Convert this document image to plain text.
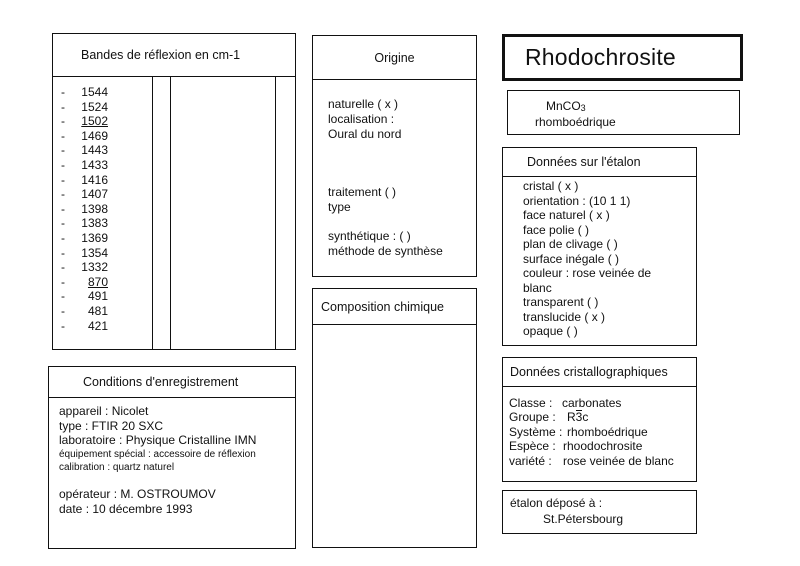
Bandes de réflexion en cm-1
-	1544
-	1524
-	1502
-	1469
-	1443
-	1433
-	1416
-	1407
-	1398
-	1383
-	1369
-	1354
-	1332
-	870
-	491
-	481
-	421
Origine
naturelle ( x )
localisation :
Oural du nord
traitement ( )
type
synthétique : ( )
méthode de synthèse
Composition chimique
Conditions d'enregistrement
appareil : Nicolet
type : FTIR 20 SXC
laboratoire : Physique Cristalline IMN
équipement spécial : accessoire de réflexion
calibration : quartz naturel
opérateur : M. OSTROUMOV
date : 10 décembre 1993
Rhodochrosite
MnCO$_3$
rhomboédrique
Données sur l'étalon
cristal ( x )
orientation : (10 1 1)
face naturel ( x )
face polie ( )
plan de clivage ( )
surface inégale ( )
couleur : rose veinée de
blanc
transparent ( )
translucide ( x )
opaque ( )
Données cristallographiques
Classe : carbonates
Groupe : R3c
Système : rhomboédrique
Espèce : rhoodochrosite
variété : rose veinée de blanc
étalon déposé à :
St.Pétersbourg
